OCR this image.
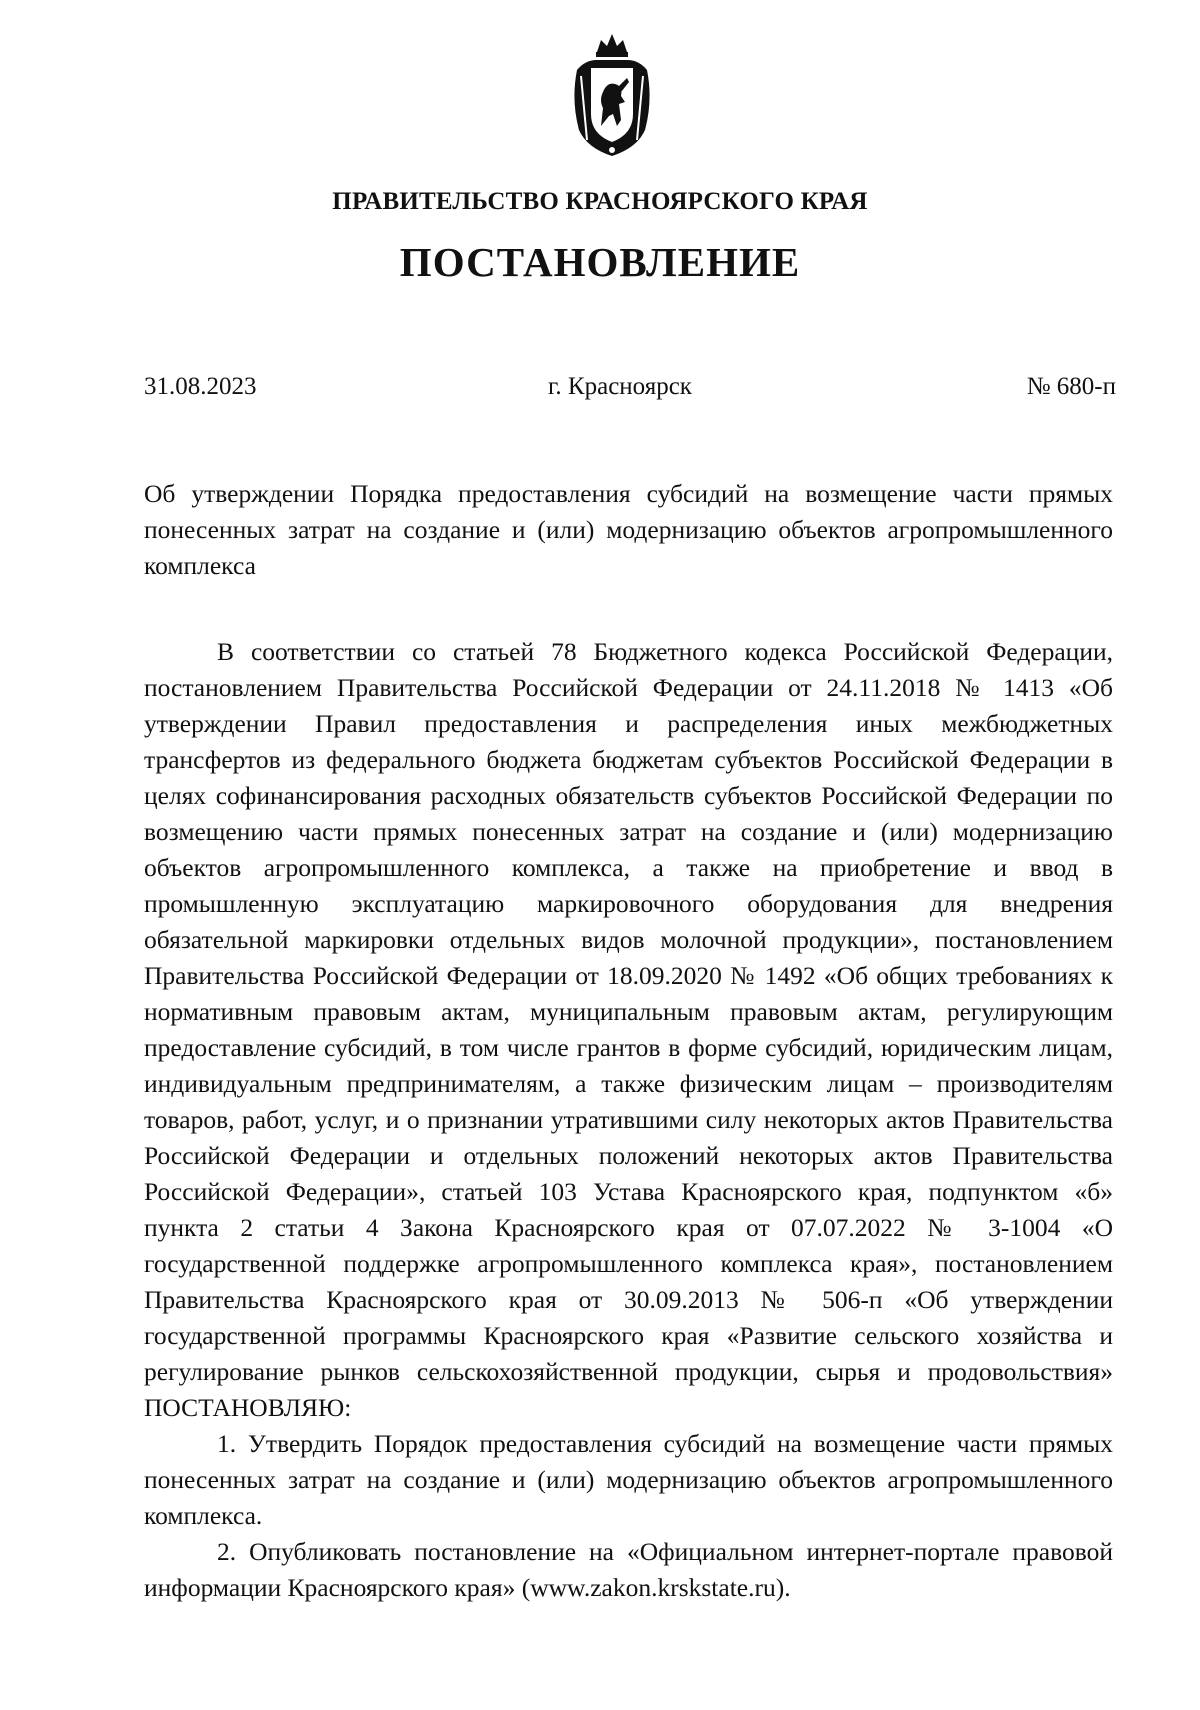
ПРАВИТЕЛЬСТВО КРАСНОЯРСКОГО КРАЯ
ПОСТАНОВЛЕНИЕ
31.08.2023	г. Красноярск	№ 680-п
Об утверждении Порядка предоставления субсидий на возмещение части прямых понесенных затрат на создание и (или) модернизацию объектов агропромышленного комплекса

В соответствии со статьей 78 Бюджетного кодекса Российской Федерации, постановлением Правительства Российской Федерации от 24.11.2018 № 1413 «Об утверждении Правил предоставления и распределения иных межбюджетных трансфертов из федерального бюджета бюджетам субъектов Российской Федерации в целях софинансирования расходных обязательств субъектов Российской Федерации по возмещению части прямых понесенных затрат на создание и (или) модернизацию объектов агропромышленного комплекса, а также на приобретение и ввод в промышленную эксплуатацию маркировочного оборудования для внедрения обязательной маркировки отдельных видов молочной продукции», постановлением Правительства Российской Федерации от 18.09.2020 № 1492 «Об общих требованиях к нормативным правовым актам, муниципальным правовым актам, регулирующим предоставление субсидий, в том числе грантов в форме субсидий, юридическим лицам, индивидуальным предпринимателям, а также физическим лицам – производителям товаров, работ, услуг, и о признании утратившими силу некоторых актов Правительства Российской Федерации и отдельных положений некоторых актов Правительства Российской Федерации», статьей 103 Устава Красноярского края, подпунктом «б» пункта 2 статьи 4 Закона Красноярского края от 07.07.2022 № 3-1004 «О государственной поддержке агропромышленного комплекса края», постановлением Правительства Красноярского края от 30.09.2013 № 506-п «Об утверждении государственной программы Красноярского края «Развитие сельского хозяйства и регулирование рынков сельскохозяйственной продукции, сырья и продовольствия» ПОСТАНОВЛЯЮ:

1. Утвердить Порядок предоставления субсидий на возмещение части прямых понесенных затрат на создание и (или) модернизацию объектов агропромышленного комплекса.

2. Опубликовать постановление на «Официальном интернет-портале правовой информации Красноярского края» (www.zakon.krskstate.ru).
